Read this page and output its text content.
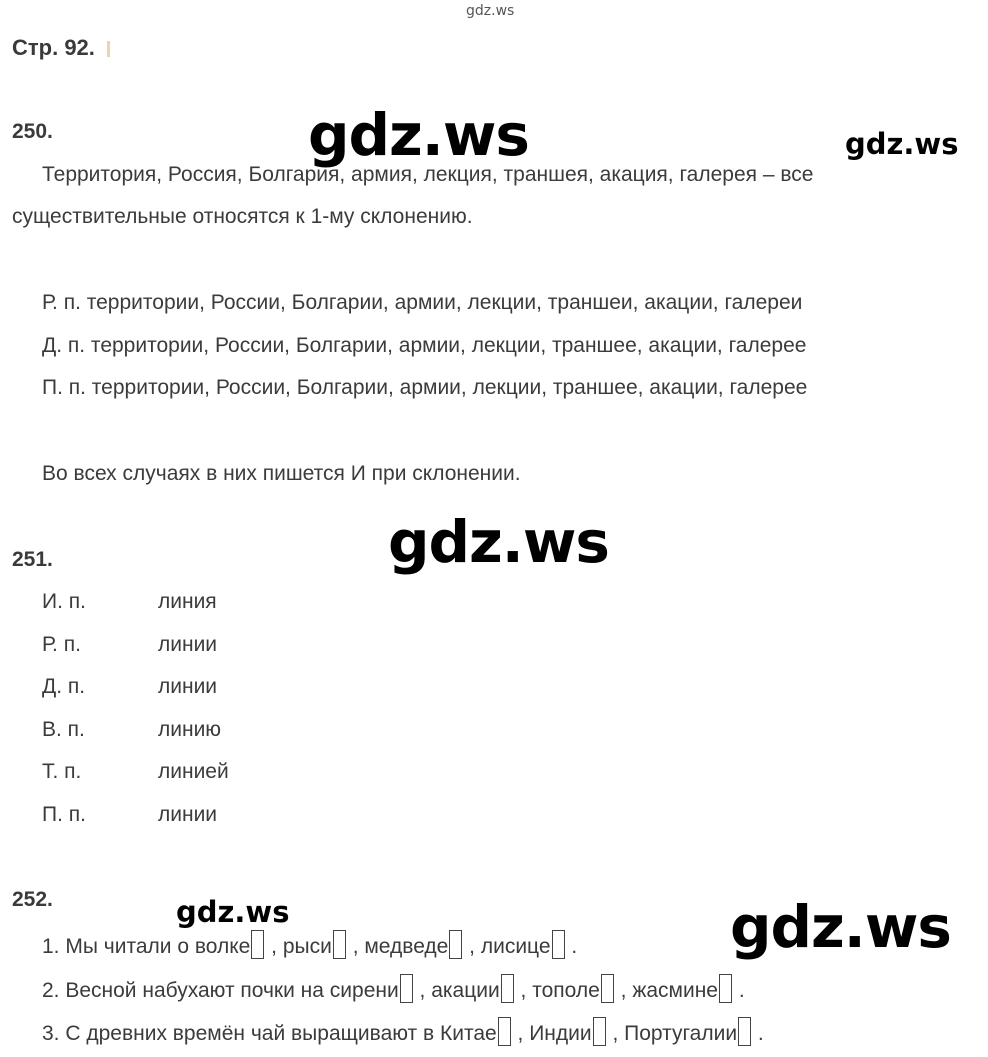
gdz.ws
Стр. 92.
250.	gdz.ws	gdz.ws
Территория, Россия, Болгария, армия, лекция, траншея, акация, галерея – все
существительные относятся к 1-му склонению.
Р. п. территории, России, Болгарии, армии, лекции, траншеи, акации, галереи
Д. п. территории, России, Болгарии, армии, лекции, траншее, акации, галерее
П. п. территории, России, Болгарии, армии, лекции, траншее, акации, галерее
Во всех случаях в них пишется И при склонении.
gdz.ws
251.
И. п.	линия
Р. п.	линии
Д. п.	линии
В. п.	линию
Т. п.	линией
П. п.	линии
252.	gdz.ws	gdz.ws
1. Мы читали о волке , рыси , медведе , лисице .
2. Весной набухают почки на сирени , акации , тополе , жасмине .
3. С древних времён чай выращивают в Китае , Индии , Португалии .
